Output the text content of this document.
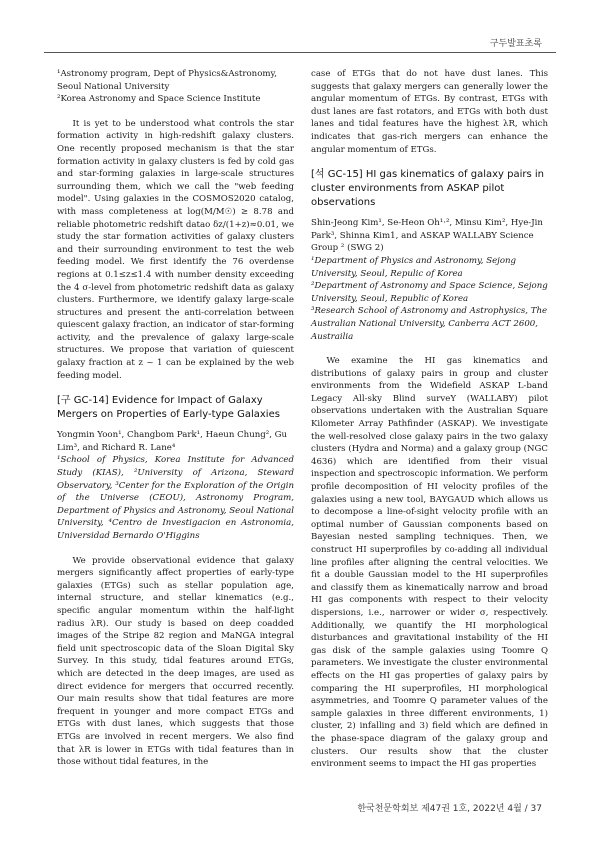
구두발표초록

¹Astronomy program, Dept of Physics&Astronomy, Seoul National University

²Korea Astronomy and Space Science Institute

It is yet to be understood what controls the star formation activity in high-redshift galaxy clusters. One recently proposed mechanism is that the star formation activity in galaxy clusters is fed by cold gas and star-forming galaxies in large-scale structures surrounding them, which we call the "web feeding model". Using galaxies in the COSMOS2020 catalog, with mass completeness at log(M/M☉) ≥ 8.78 and reliable photometric redshift datao δz/(1+z)≈0.01, we study the star formation activities of galaxy clusters and their surrounding environment to test the web feeding model. We first identify the 76 overdense regions at 0.1≤z≤1.4 with number density exceeding the 4 σ-level from photometric redshift data as galaxy clusters. Furthermore, we identify galaxy large-scale structures and present the anti-correlation between quiescent galaxy fraction, an indicator of star-forming activity, and the prevalence of galaxy large-scale structures. We propose that variation of quiescent galaxy fraction at z ~ 1 can be explained by the web feeding model.

[구 GC-14] Evidence for Impact of Galaxy Mergers on Properties of Early-type Galaxies

Yongmin Yoon¹, Changbom Park¹, Haeun Chung², Gu Lim³, and Richard R. Lane⁴

¹School of Physics, Korea Institute for Advanced Study (KIAS), ²University of Arizona, Steward Observatory, ³Center for the Exploration of the Origin of the Universe (CEOU), Astronomy Program, Department of Physics and Astronomy, Seoul National University, ⁴Centro de Investigacion en Astronomia, Universidad Bernardo O'Higgins

We provide observational evidence that galaxy mergers significantly affect properties of early-type galaxies (ETGs) such as stellar population age, internal structure, and stellar kinematics (e.g., specific angular momentum within the half-light radius λR). Our study is based on deep coadded images of the Stripe 82 region and MaNGA integral field unit spectroscopic data of the Sloan Digital Sky Survey. In this study, tidal features around ETGs, which are detected in the deep images, are used as direct evidence for mergers that occurred recently. Our main results show that tidal features are more frequent in younger and more compact ETGs and ETGs with dust lanes, which suggests that those ETGs are involved in recent mergers. We also find that λR is lower in ETGs with tidal features than in those without tidal features, in the

case of ETGs that do not have dust lanes. This suggests that galaxy mergers can generally lower the angular momentum of ETGs. By contrast, ETGs with dust lanes are fast rotators, and ETGs with both dust lanes and tidal features have the highest λR, which indicates that gas-rich mergers can enhance the angular momentum of ETGs.

[석 GC-15] HI gas kinematics of galaxy pairs in cluster environments from ASKAP pilot observations

Shin-Jeong Kim¹, Se-Heon Oh¹·², Minsu Kim², Hye-Jin Park³, Shinna Kim1, and ASKAP WALLABY Science Group ² (SWG 2)

¹Department of Physics and Astronomy, Sejong University, Seoul, Repulic of Korea

²Department of Astronomy and Space Science, Sejong University, Seoul, Republic of Korea

³Research School of Astronomy and Astrophysics, The Australian National University, Canberra ACT 2600, Austrailia

We examine the HI gas kinematics and distributions of galaxy pairs in group and cluster environments from the Widefield ASKAP L-band Legacy All-sky Blind surveY (WALLABY) pilot observations undertaken with the Australian Square Kilometer Array Pathfinder (ASKAP). We investigate the well-resolved close galaxy pairs in the two galaxy clusters (Hydra and Norma) and a galaxy group (NGC 4636) which are identified from their visual inspection and spectroscopic information. We perform profile decomposition of HI velocity profiles of the galaxies using a new tool, BAYGAUD which allows us to decompose a line-of-sight velocity profile with an optimal number of Gaussian components based on Bayesian nested sampling techniques. Then, we construct HI superprofiles by co-adding all individual line profiles after aligning the central velocities. We fit a double Gaussian model to the HI superprofiles and classify them as kinematically narrow and broad HI gas components with respect to their velocity dispersions, i.e., narrower or wider σ, respectively. Additionally, we quantify the HI morphological disturbances and gravitational instability of the HI gas disk of the sample galaxies using Toomre Q parameters. We investigate the cluster environmental effects on the HI gas properties of galaxy pairs by comparing the HI superprofiles, HI morphological asymmetries, and Toomre Q parameter values of the sample galaxies in three different environments, 1) cluster, 2) infalling and 3) field which are defined in the phase-space diagram of the galaxy group and clusters. Our results show that the cluster environment seems to impact the HI gas properties

한국천문학회보 제47권 1호, 2022년 4월 / 37
